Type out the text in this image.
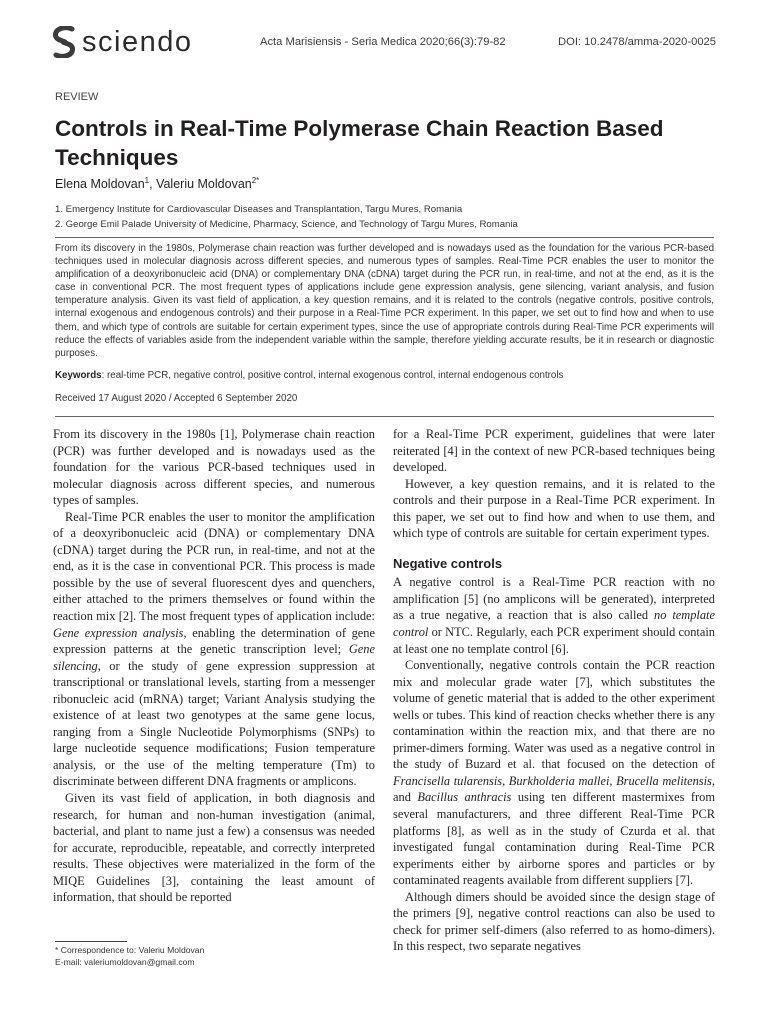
sciendo	Acta Marisiensis - Seria Medica 2020;66(3):79-82	DOI: 10.2478/amma-2020-0025
REVIEW
Controls in Real-Time Polymerase Chain Reaction Based Techniques
Elena Moldovan$^1$, Valeriu Moldovan$^{2*}$
1. Emergency Institute for Cardiovascular Diseases and Transplantation, Targu Mures, Romania
2. George Emil Palade University of Medicine, Pharmacy, Science, and Technology of Targu Mures, Romania

From its discovery in the 1980s, Polymerase chain reaction was further developed and is nowadays used as the foundation for the various PCR-based techniques used in molecular diagnosis across different species, and numerous types of samples. Real-Time PCR enables the user to monitor the amplification of a deoxyribonucleic acid (DNA) or complementary DNA (cDNA) target during the PCR run, in real-time, and not at the end, as it is the case in conventional PCR. The most frequent types of applications include gene expression analysis, gene silencing, variant analysis, and fusion temperature analysis. Given its vast field of application, a key question remains, and it is related to the controls (negative controls, positive controls, internal exogenous and endogenous controls) and their purpose in a Real-Time PCR experiment. In this paper, we set out to find how and when to use them, and which type of controls are suitable for certain experiment types, since the use of appropriate controls during Real-Time PCR experiments will reduce the effects of variables aside from the independent variable within the sample, therefore yielding accurate results, be it in research or diagnostic purposes.

Keywords: real-time PCR, negative control, positive control, internal exogenous control, internal endogenous controls

Received 17 August 2020 / Accepted 6 September 2020

From its discovery in the 1980s [1], Polymerase chain reaction (PCR) was further developed and is nowadays used as the foundation for the various PCR-based techniques used in molecular diagnosis across different species, and numerous types of samples.

Real-Time PCR enables the user to monitor the amplification of a deoxyribonucleic acid (DNA) or complementary DNA (cDNA) target during the PCR run, in real-time, and not at the end, as it is the case in conventional PCR. This process is made possible by the use of several fluorescent dyes and quenchers, either attached to the primers themselves or found within the reaction mix [2]. The most frequent types of application include: Gene expression analysis, enabling the determination of gene expression patterns at the genetic transcription level; Gene silencing, or the study of gene expression suppression at transcriptional or translational levels, starting from a messenger ribonucleic acid (mRNA) target; Variant Analysis studying the existence of at least two genotypes at the same gene locus, ranging from a Single Nucleotide Polymorphisms (SNPs) to large nucleotide sequence modifications; Fusion temperature analysis, or the use of the melting temperature (Tm) to discriminate between different DNA fragments or amplicons.

Given its vast field of application, in both diagnosis and research, for human and non-human investigation (animal, bacterial, and plant to name just a few) a consensus was needed for accurate, reproducible, repeatable, and correctly interpreted results. These objectives were materialized in the form of the MIQE Guidelines [3], containing the least amount of information, that should be reported

for a Real-Time PCR experiment, guidelines that were later reiterated [4] in the context of new PCR-based techniques being developed.

However, a key question remains, and it is related to the controls and their purpose in a Real-Time PCR experiment. In this paper, we set out to find how and when to use them, and which type of controls are suitable for certain experiment types.

Negative controls

A negative control is a Real-Time PCR reaction with no amplification [5] (no amplicons will be generated), interpreted as a true negative, a reaction that is also called no template control or NTC. Regularly, each PCR experiment should contain at least one no template control [6].

Conventionally, negative controls contain the PCR reaction mix and molecular grade water [7], which substitutes the volume of genetic material that is added to the other experiment wells or tubes. This kind of reaction checks whether there is any contamination within the reaction mix, and that there are no primer-dimers forming. Water was used as a negative control in the study of Buzard et al. that focused on the detection of Francisella tularensis, Burkholderia mallei, Brucella melitensis, and Bacillus anthracis using ten different mastermixes from several manufacturers, and three different Real-Time PCR platforms [8], as well as in the study of Czurda et al. that investigated fungal contamination during Real-Time PCR experiments either by airborne spores and particles or by contaminated reagents available from different suppliers [7].

Although dimers should be avoided since the design stage of the primers [9], negative control reactions can also be used to check for primer self-dimers (also referred to as homo-dimers). In this respect, two separate negatives

* Correspondence to: Valeriu Moldovan
E-mail: valeriumoldovan@gmail.com
